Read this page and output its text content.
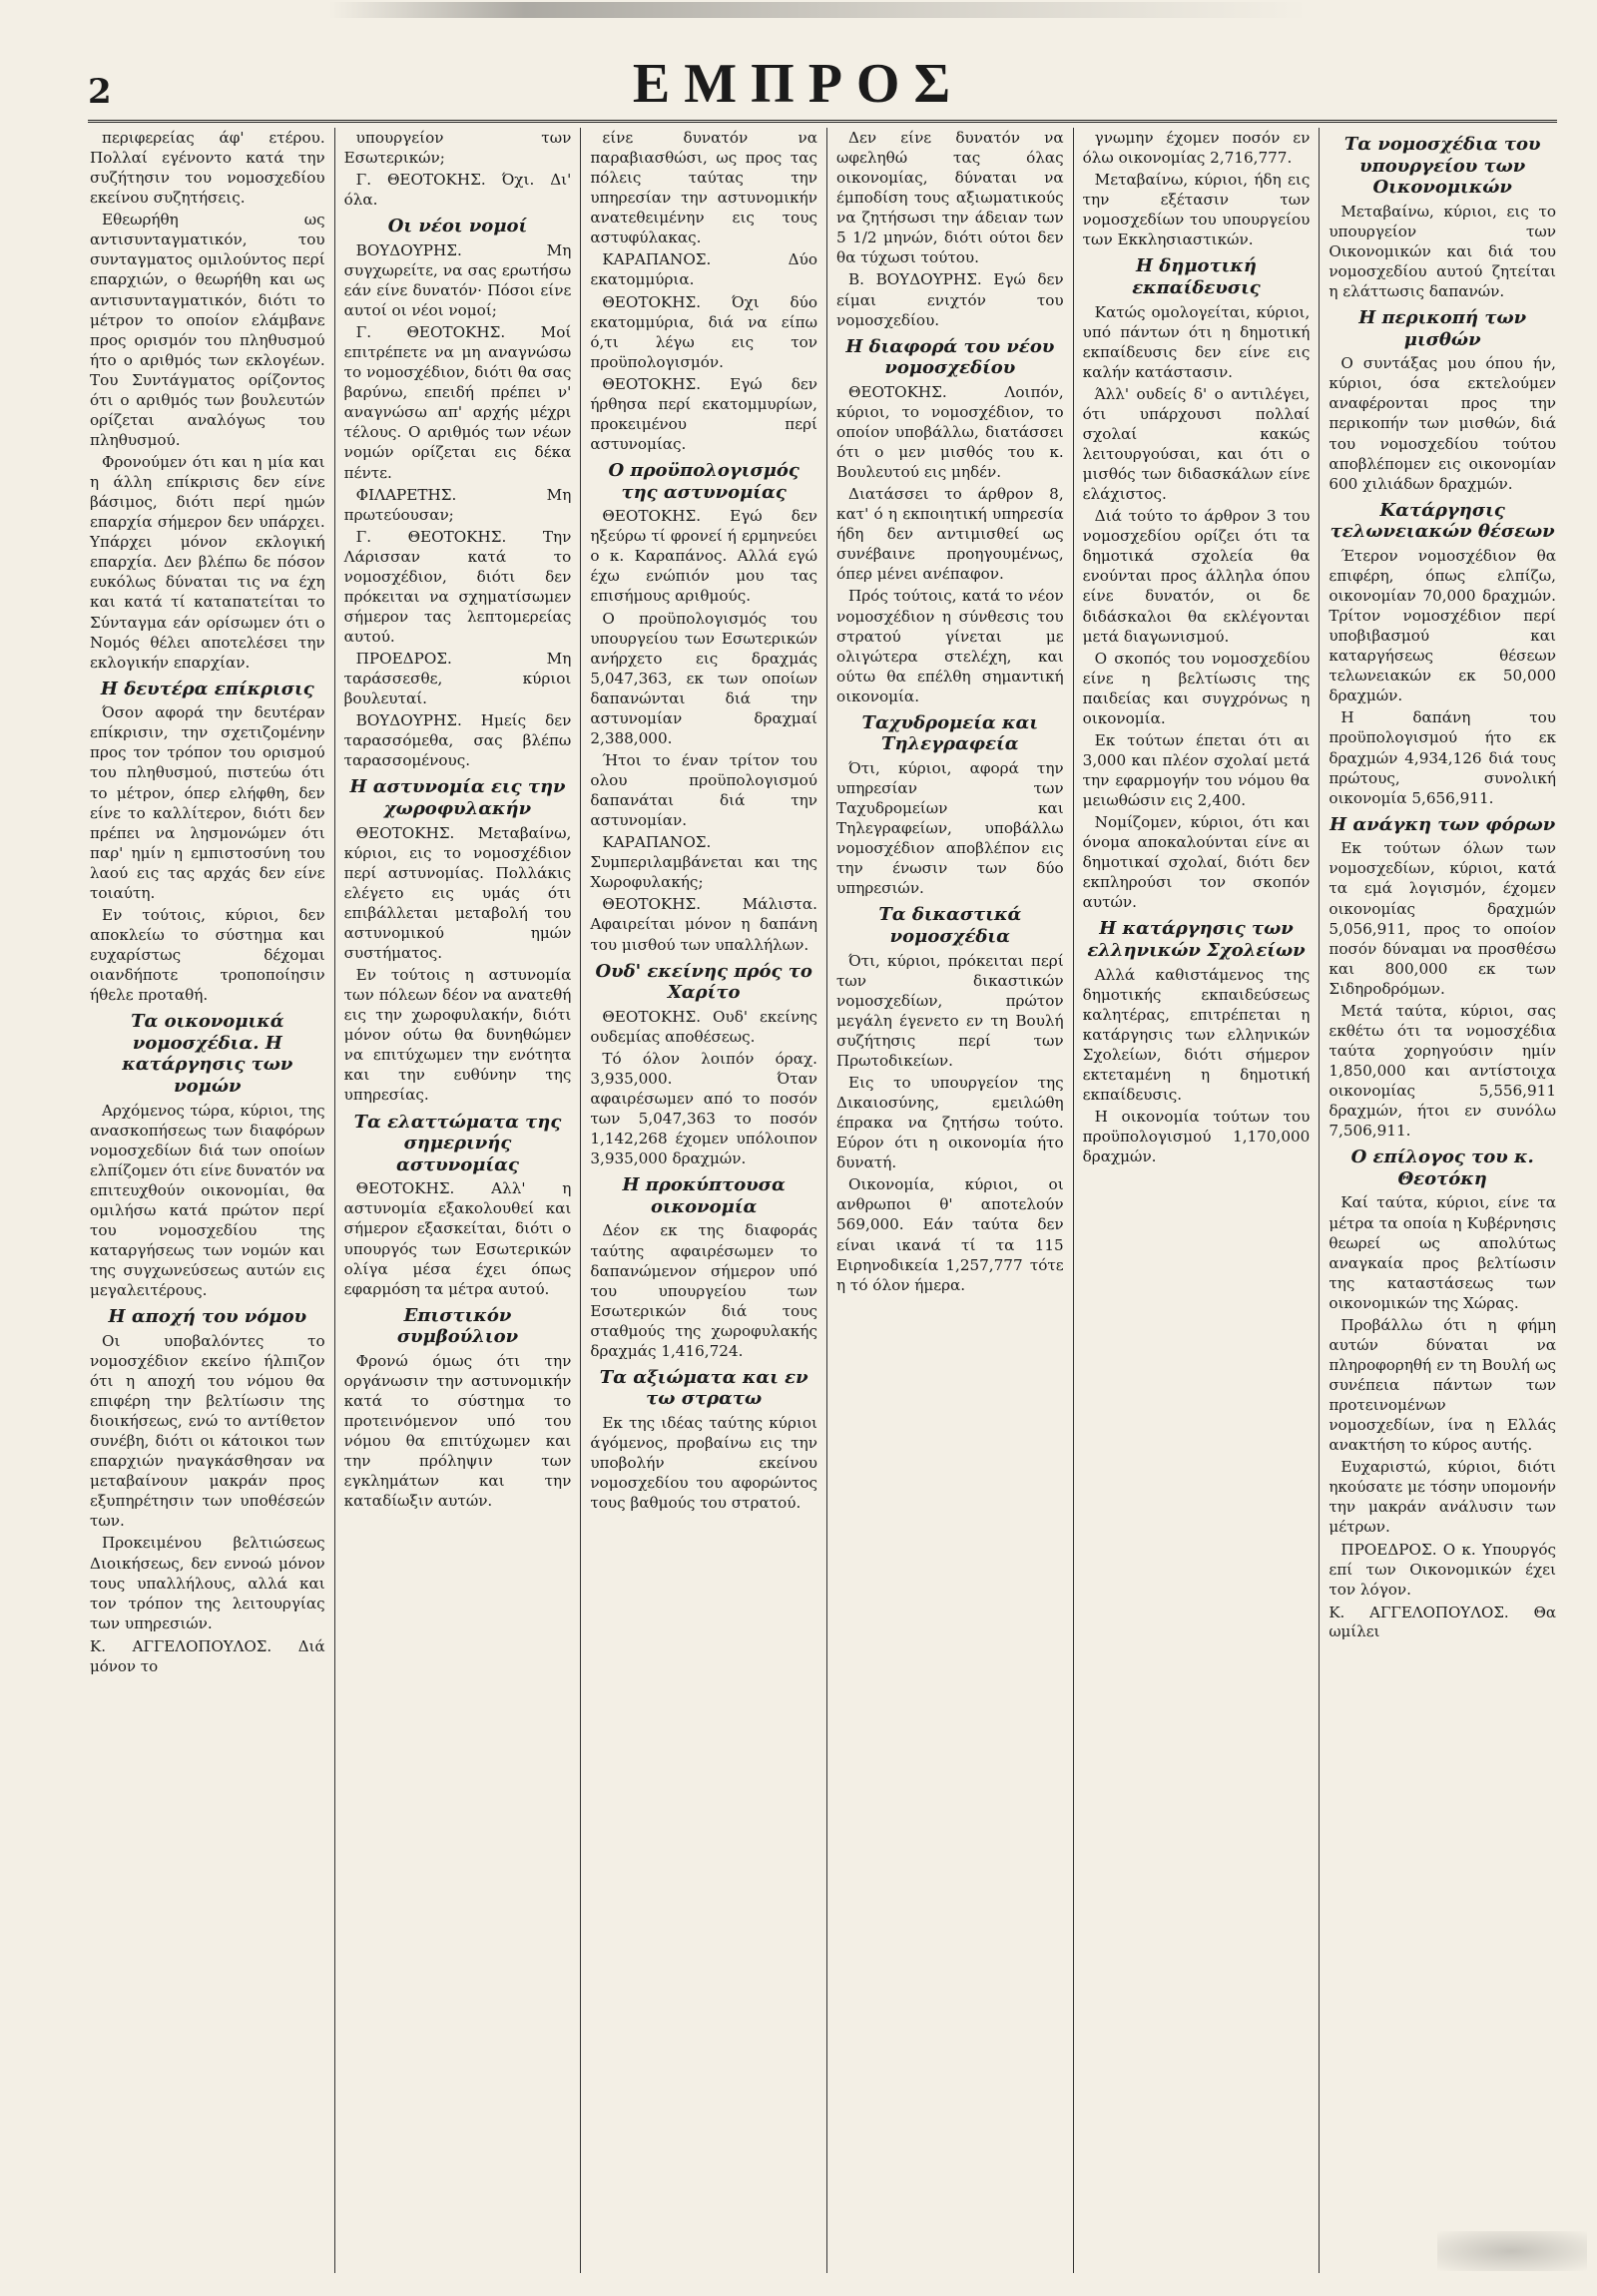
2	ΕΜΠΡΟΣ

περιφερείας άφ' ετέρου. Πολλαί εγένοντο κατά την συζήτησιν του νομοσχεδίου εκείνου συζητήσεις.

Εθεωρήθη ως αντισυνταγματικόν, του συνταγματος ομιλούντος περί επαρχιών, ο θεωρήθη και ως αντισυνταγματικόν, διότι το μέτρον το οποίον ελάμβανε προς ορισμόν του πληθυσμού ήτο ο αριθμός των εκλογέων. Του Συντάγματος ορίζοντος ότι ο αριθμός των βουλευτών ορίζεται αναλόγως του πληθυσμού.

Φρονούμεν ότι και η μία και η άλλη επίκρισις δεν είνε βάσιμος, διότι περί ημών επαρχία σήμερον δεν υπάρχει. Υπάρχει μόνον εκλογική επαρχία. Δεν βλέπω δε πόσον ευκόλως δύναται τις να έχη και κατά τί καταπατείται το Σύνταγμα εάν ορίσωμεν ότι ο Νομός θέλει αποτελέσει την εκλογικήν επαρχίαν.

Η δευτέρα επίκρισις

Όσον αφορά την δευτέραν επίκρισιν, την σχετιζομένην προς τον τρόπον του ορισμού του πληθυσμού, πιστεύω ότι το μέτρον, όπερ ελήφθη, δεν είνε το καλλίτερον, διότι δεν πρέπει να λησμονώμεν ότι παρ' ημίν η εμπιστοσύνη του λαού εις τας αρχάς δεν είνε τοιαύτη.

Εν τούτοις, κύριοι, δεν αποκλείω το σύστημα και ευχαρίστως δέχομαι οιανδήποτε τροποποίησιν ήθελε προταθή.

Τα οικονομικά νομοσχέδια. Η κατάργησις των νομών

Αρχόμενος τώρα, κύριοι, της ανασκοπήσεως των διαφόρων νομοσχεδίων διά των οποίων ελπίζομεν ότι είνε δυνατόν να επιτευχθούν οικονομίαι, θα ομιλήσω κατά πρώτον περί του νομοσχεδίου της καταργήσεως των νομών και της συγχωνεύσεως αυτών εις μεγαλειτέρους.

Η αποχή του νόμου

Οι υποβαλόντες το νομοσχέδιον εκείνο ήλπιζον ότι η αποχή του νόμου θα επιφέρη την βελτίωσιν της διοικήσεως, ενώ το αντίθετον συνέβη, διότι οι κάτοικοι των επαρχιών ηναγκάσθησαν να μεταβαίνουν μακράν προς εξυπηρέτησιν των υποθέσεών των.

Προκειμένου βελτιώσεως Διοικήσεως, δεν εννοώ μόνον τους υπαλλήλους, αλλά και τον τρόπον της λειτουργίας των υπηρεσιών.

Κ. ΑΓΓΕΛΟΠΟΥΛΟΣ. Διά μόνον το

υπουργείον των Εσωτερικών;

Γ. ΘΕΟΤΟΚΗΣ. Όχι. Δι' όλα.

Οι νέοι νομοί

ΒΟΥΔΟΥΡΗΣ. Μη συγχωρείτε, να σας ερωτήσω εάν είνε δυνατόν· Πόσοι είνε αυτοί οι νέοι νομοί;

Γ. ΘΕΟΤΟΚΗΣ. Μοί επιτρέπετε να μη αναγνώσω το νομοσχέδιον, διότι θα σας βαρύνω, επειδή πρέπει ν' αναγνώσω απ' αρχής μέχρι τέλους. Ο αριθμός των νέων νομών ορίζεται εις δέκα πέντε.

ΦΙΛΑΡΕΤΗΣ. Μη πρωτεύουσαν;

Γ. ΘΕΟΤΟΚΗΣ. Την Λάρισσαν κατά το νομοσχέδιον, διότι δεν πρόκειται να σχηματίσωμεν σήμερον τας λεπτομερείας αυτού.

ΠΡΟΕΔΡΟΣ. Μη ταράσσεσθε, κύριοι βουλευταί.

ΒΟΥΔΟΥΡΗΣ. Ημείς δεν ταρασσόμεθα, σας βλέπω ταρασσομένους.

Η αστυνομία εις την χωροφυλακήν

ΘΕΟΤΟΚΗΣ. Μεταβαίνω, κύριοι, εις το νομοσχέδιον περί αστυνομίας. Πολλάκις ελέγετο εις υμάς ότι επιβάλλεται μεταβολή του αστυνομικού ημών συστήματος.

Εν τούτοις η αστυνομία των πόλεων δέον να ανατεθή εις την χωροφυλακήν, διότι μόνον ούτω θα δυνηθώμεν να επιτύχωμεν την ενότητα και την ευθύνην της υπηρεσίας.

Τα ελαττώματα της σημερινής αστυνομίας

ΘΕΟΤΟΚΗΣ. Αλλ' η αστυνομία εξακολουθεί και σήμερον εξασκείται, διότι ο υπουργός των Εσωτερικών ολίγα μέσα έχει όπως εφαρμόση τα μέτρα αυτού.

Επιστικόν συμβούλιον

Φρονώ όμως ότι την οργάνωσιν την αστυνομικήν κατά το σύστημα το προτεινόμενον υπό του νόμου θα επιτύχωμεν και την πρόληψιν των εγκλημάτων και την καταδίωξιν αυτών.

είνε δυνατόν να παραβιασθώσι, ως προς τας πόλεις ταύτας την υπηρεσίαν την αστυνομικήν ανατεθειμένην εις τους αστυφύλακας.

ΚΑΡΑΠΑΝΟΣ. Δύο εκατομμύρια.

ΘΕΟΤΟΚΗΣ. Όχι δύο εκατομμύρια, διά να είπω ό,τι λέγω εις τον προϋπολογισμόν.

ΘΕΟΤΟΚΗΣ. Εγώ δεν ήρθησα περί εκατομμυρίων, προκειμένου περί αστυνομίας.

Ο προϋπολογισμός της αστυνομίας

ΘΕΟΤΟΚΗΣ. Εγώ δεν ηξεύρω τί φρονεί ή ερμηνεύει ο κ. Καραπάνος. Αλλά εγώ έχω ενώπιόν μου τας επισήμους αριθμούς.

Ο προϋπολογισμός του υπουργείου των Εσωτερικών ανήρχετο εις δραχμάς 5,047,363, εκ των οποίων δαπανώνται διά την αστυνομίαν δραχμαί 2,388,000.

Ήτοι το έναν τρίτον του ολου προϋπολογισμού δαπανάται διά την αστυνομίαν.

ΚΑΡΑΠΑΝΟΣ. Συμπεριλαμβάνεται και της Χωροφυλακής;

ΘΕΟΤΟΚΗΣ. Μάλιστα. Αφαιρείται μόνον η δαπάνη του μισθού των υπαλλήλων.

Ουδ' εκείνης πρός το Χαρίτο

ΘΕΟΤΟΚΗΣ. Ουδ' εκείνης ουδεμίας αποθέσεως.

Τό όλον λοιπόν όραχ. 3,935,000. Όταν αφαιρέσωμεν από το ποσόν των 5,047,363 το ποσόν 1,142,268 έχομεν υπόλοιπον 3,935,000 δραχμών.

Η προκύπτουσα οικονομία

Δέον εκ της διαφοράς ταύτης αφαιρέσωμεν το δαπανώμενον σήμερον υπό του υπουργείου των Εσωτερικών διά τους σταθμούς της χωροφυλακής δραχμάς 1,416,724.

Τα αξιώματα και εν τω στρατω

Εκ της ιδέας ταύτης κύριοι άγόμενος, προβαίνω εις την υποβολήν εκείνου νομοσχεδίου του αφορώντος τους βαθμούς του στρατού.

Δεν είνε δυνατόν να ωφεληθώ τας όλας οικονομίας, δύναται να έμποδίση τους αξιωματικούς να ζητήσωσι την άδειαν των 5 1/2 μηνών, διότι ούτοι δεν θα τύχωσι τούτου.

Β. ΒΟΥΔΟΥΡΗΣ. Εγώ δεν είμαι ενιχτόν του νομοσχεδίου.

Η διαφορά του νέου νομοσχεδίου

ΘΕΟΤΟΚΗΣ. Λοιπόν, κύριοι, το νομοσχέδιον, το οποίον υποβάλλω, διατάσσει ότι ο μεν μισθός του κ. Βουλευτού εις μηδέν.

Διατάσσει το άρθρον 8, κατ' ό η εκποιητική υπηρεσία ήδη δεν αντιμισθεί ως συνέβαινε προηγουμένως, όπερ μένει ανέπαφον.

Πρός τούτοις, κατά το νέον νομοσχέδιον η σύνθεσις του στρατού γίνεται με ολιγώτερα στελέχη, και ούτω θα επέλθη σημαντική οικονομία.

Ταχυδρομεία και Τηλεγραφεία

Ότι, κύριοι, αφορά την υπηρεσίαν των Ταχυδρομείων και Τηλεγραφείων, υποβάλλω νομοσχέδιον αποβλέπον εις την ένωσιν των δύο υπηρεσιών.

Τα δικαστικά νομοσχέδια

Ότι, κύριοι, πρόκειται περί των δικαστικών νομοσχεδίων, πρώτον μεγάλη έγενετο εν τη Βουλή συζήτησις περί των Πρωτοδικείων.

Εις το υπουργείον της Δικαιοσύνης, εμειλώθη έπρακα να ζητήσω τούτο. Εύρον ότι η οικονομία ήτο δυνατή.

Οικονομία, κύριοι, οι ανθρωποι θ' αποτελούν 569,000. Εάν ταύτα δεν είναι ικανά τί τα 115 Ειρηνοδικεία 1,257,777 τότε η τό όλον ήμερα.

γνωμην έχομεν ποσόν εν όλω οικονομίας 2,716,777.

Μεταβαίνω, κύριοι, ήδη εις την εξέτασιν των νομοσχεδίων του υπουργείου των Εκκλησιαστικών.

Η δημοτική εκπαίδευσις

Κατώς ομολογείται, κύριοι, υπό πάντων ότι η δημοτική εκπαίδευσις δεν είνε εις καλήν κατάστασιν.

Άλλ' ουδείς δ' ο αντιλέγει, ότι υπάρχουσι πολλαί σχολαί κακώς λειτουργούσαι, και ότι ο μισθός των διδασκάλων είνε ελάχιστος.

Διά τούτο το άρθρον 3 του νομοσχεδίου ορίζει ότι τα δημοτικά σχολεία θα ενούνται προς άλληλα όπου είνε δυνατόν, οι δε διδάσκαλοι θα εκλέγονται μετά διαγωνισμού.

Ο σκοπός του νομοσχεδίου είνε η βελτίωσις της παιδείας και συγχρόνως η οικονομία.

Εκ τούτων έπεται ότι αι 3,000 και πλέον σχολαί μετά την εφαρμογήν του νόμου θα μειωθώσιν εις 2,400.

Νομίζομεν, κύριοι, ότι και όνομα αποκαλούνται είνε αι δημοτικαί σχολαί, διότι δεν εκπληρούσι τον σκοπόν αυτών.

Η κατάργησις των ελληνικών Σχολείων

Αλλά καθιστάμενος της δημοτικής εκπαιδεύσεως καλητέρας, επιτρέπεται η κατάργησις των ελληνικών Σχολείων, διότι σήμερον εκτεταμένη η δημοτική εκπαίδευσις.

Η οικονομία τούτων του προϋπολογισμού 1,170,000 δραχμών.

Τα νομοσχέδια του υπουργείου των Οικονομικών

Μεταβαίνω, κύριοι, εις το υπουργείον των Οικονομικών και διά του νομοσχεδίου αυτού ζητείται η ελάττωσις δαπανών.

Η περικοπή των μισθών

Ο συντάξας μου όπου ήν, κύριοι, όσα εκτελούμεν αναφέρονται προς την περικοπήν των μισθών, διά του νομοσχεδίου τούτου αποβλέπομεν εις οικονομίαν 600 χιλιάδων δραχμών.

Κατάργησις τελωνειακών θέσεων

Έτερον νομοσχέδιον θα επιφέρη, όπως ελπίζω, οικονομίαν 70,000 δραχμών. Τρίτον νομοσχέδιον περί υποβιβασμού και καταργήσεως θέσεων τελωνειακών εκ 50,000 δραχμών.

Η δαπάνη του προϋπολογισμού ήτο εκ δραχμών 4,934,126 διά τους πρώτους, συνολική οικονομία 5,656,911.

Η ανάγκη των φόρων

Εκ τούτων όλων των νομοσχεδίων, κύριοι, κατά τα εμά λογισμόν, έχομεν οικονομίας δραχμών 5,056,911, προς το οποίον ποσόν δύναμαι να προσθέσω και 800,000 εκ των Σιδηροδρόμων.

Μετά ταύτα, κύριοι, σας εκθέτω ότι τα νομοσχέδια ταύτα χορηγούσιν ημίν 1,850,000 και αντίστοιχα οικονομίας 5,556,911 δραχμών, ήτοι εν συνόλω 7,506,911.

Ο επίλογος του κ. Θεοτόκη

Καί ταύτα, κύριοι, είνε τα μέτρα τα οποία η Κυβέρνησις θεωρεί ως απολύτως αναγκαία προς βελτίωσιν της καταστάσεως των οικονομικών της Χώρας.

Προβάλλω ότι η φήμη αυτών δύναται να πληροφορηθή εν τη Βουλή ως συνέπεια πάντων των προτεινομένων νομοσχεδίων, ίνα η Ελλάς ανακτήση το κύρος αυτής.

Ευχαριστώ, κύριοι, διότι ηκούσατε με τόσην υπομονήν την μακράν ανάλυσιν των μέτρων.

ΠΡΟΕΔΡΟΣ. Ο κ. Υπουργός επί των Οικονομικών έχει τον λόγον.

Κ. ΑΓΓΕΛΟΠΟΥΛΟΣ. Θα ωμίλει
